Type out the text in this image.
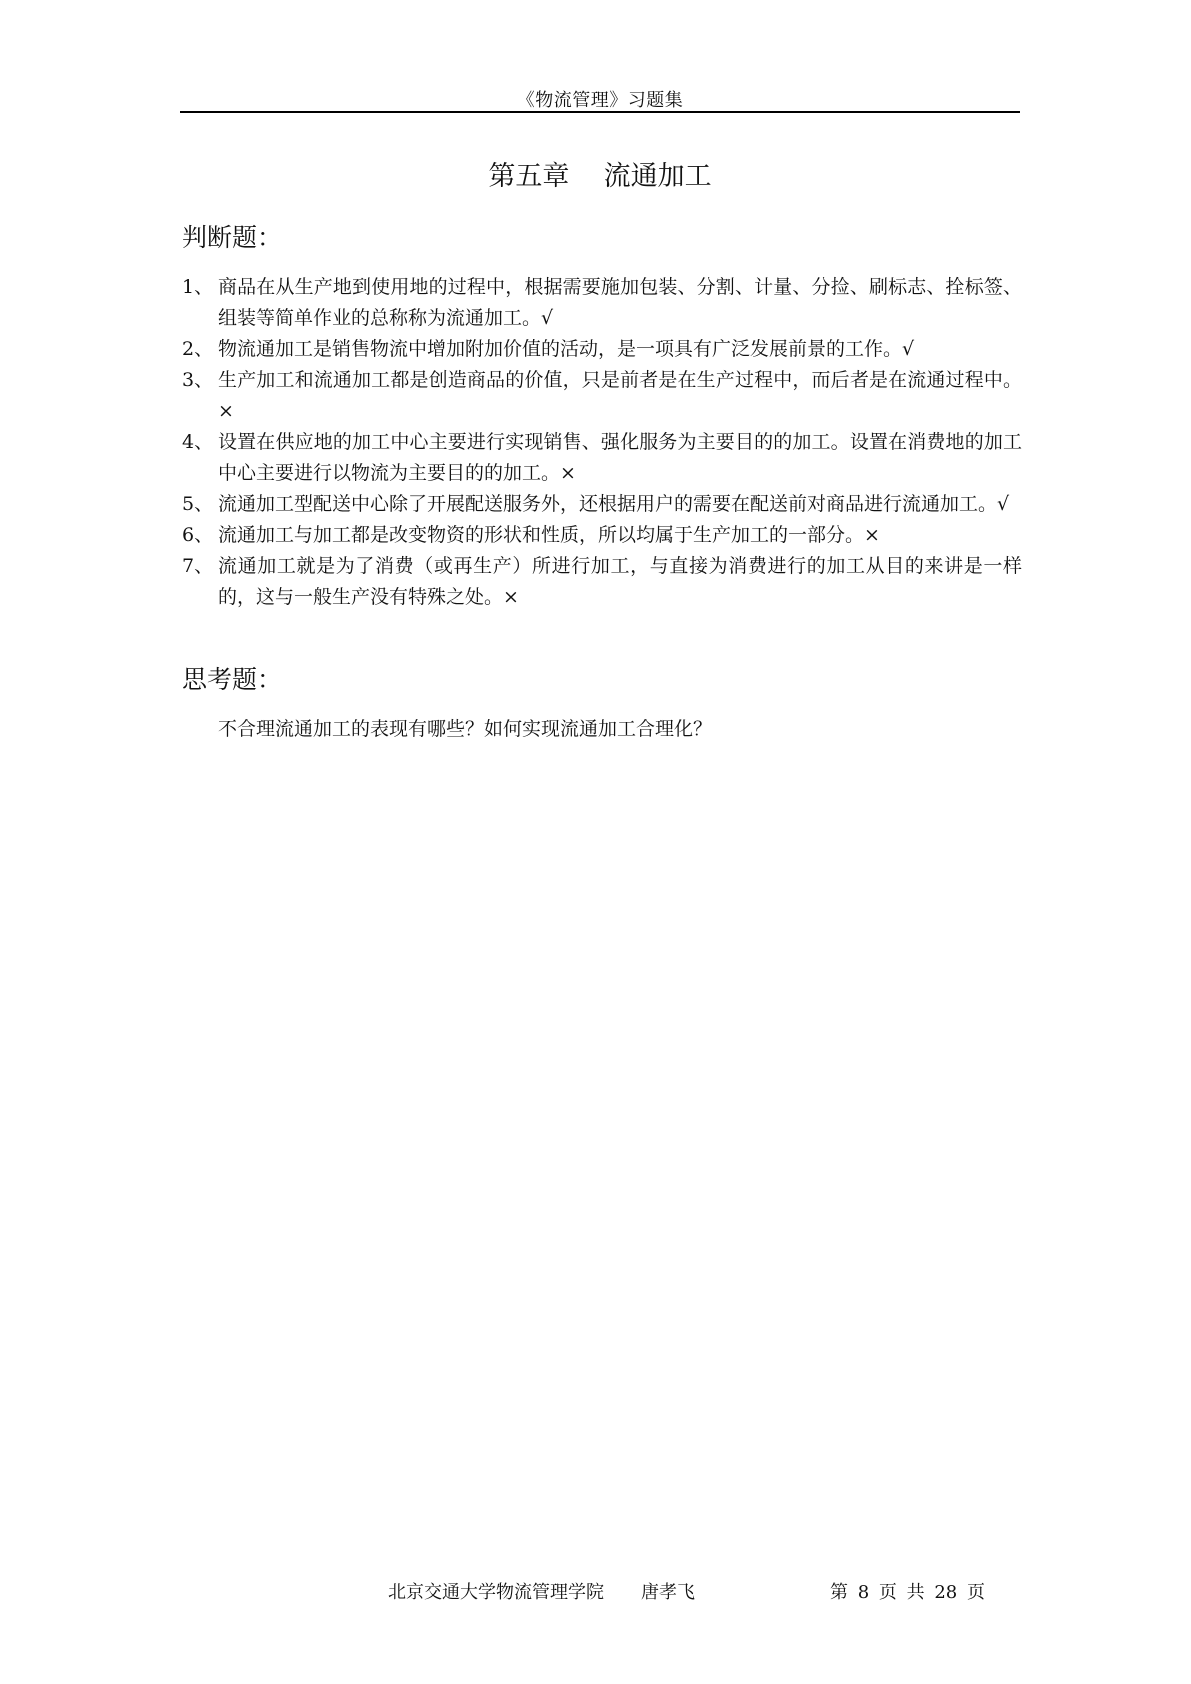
《物流管理》习题集
第五章    流通加工
判断题：
1、 商品在从生产地到使用地的过程中，根据需要施加包装、分割、计量、分捡、刷标志、拴标签、组装等简单作业的总称称为流通加工。√
2、 物流通加工是销售物流中增加附加价值的活动，是一项具有广泛发展前景的工作。√
3、 生产加工和流通加工都是创造商品的价值，只是前者是在生产过程中，而后者是在流通过程中。×
4、 设置在供应地的加工中心主要进行实现销售、强化服务为主要目的的加工。设置在消费地的加工中心主要进行以物流为主要目的的加工。×
5、 流通加工型配送中心除了开展配送服务外，还根据用户的需要在配送前对商品进行流通加工。√
6、 流通加工与加工都是改变物资的形状和性质，所以均属于生产加工的一部分。×
7、 流通加工就是为了消费（或再生产）所进行加工，与直接为消费进行的加工从目的来讲是一样的，这与一般生产没有特殊之处。×
思考题：
不合理流通加工的表现有哪些？如何实现流通加工合理化？
北京交通大学物流管理学院 唐孝飞	第 8 页 共 28 页
